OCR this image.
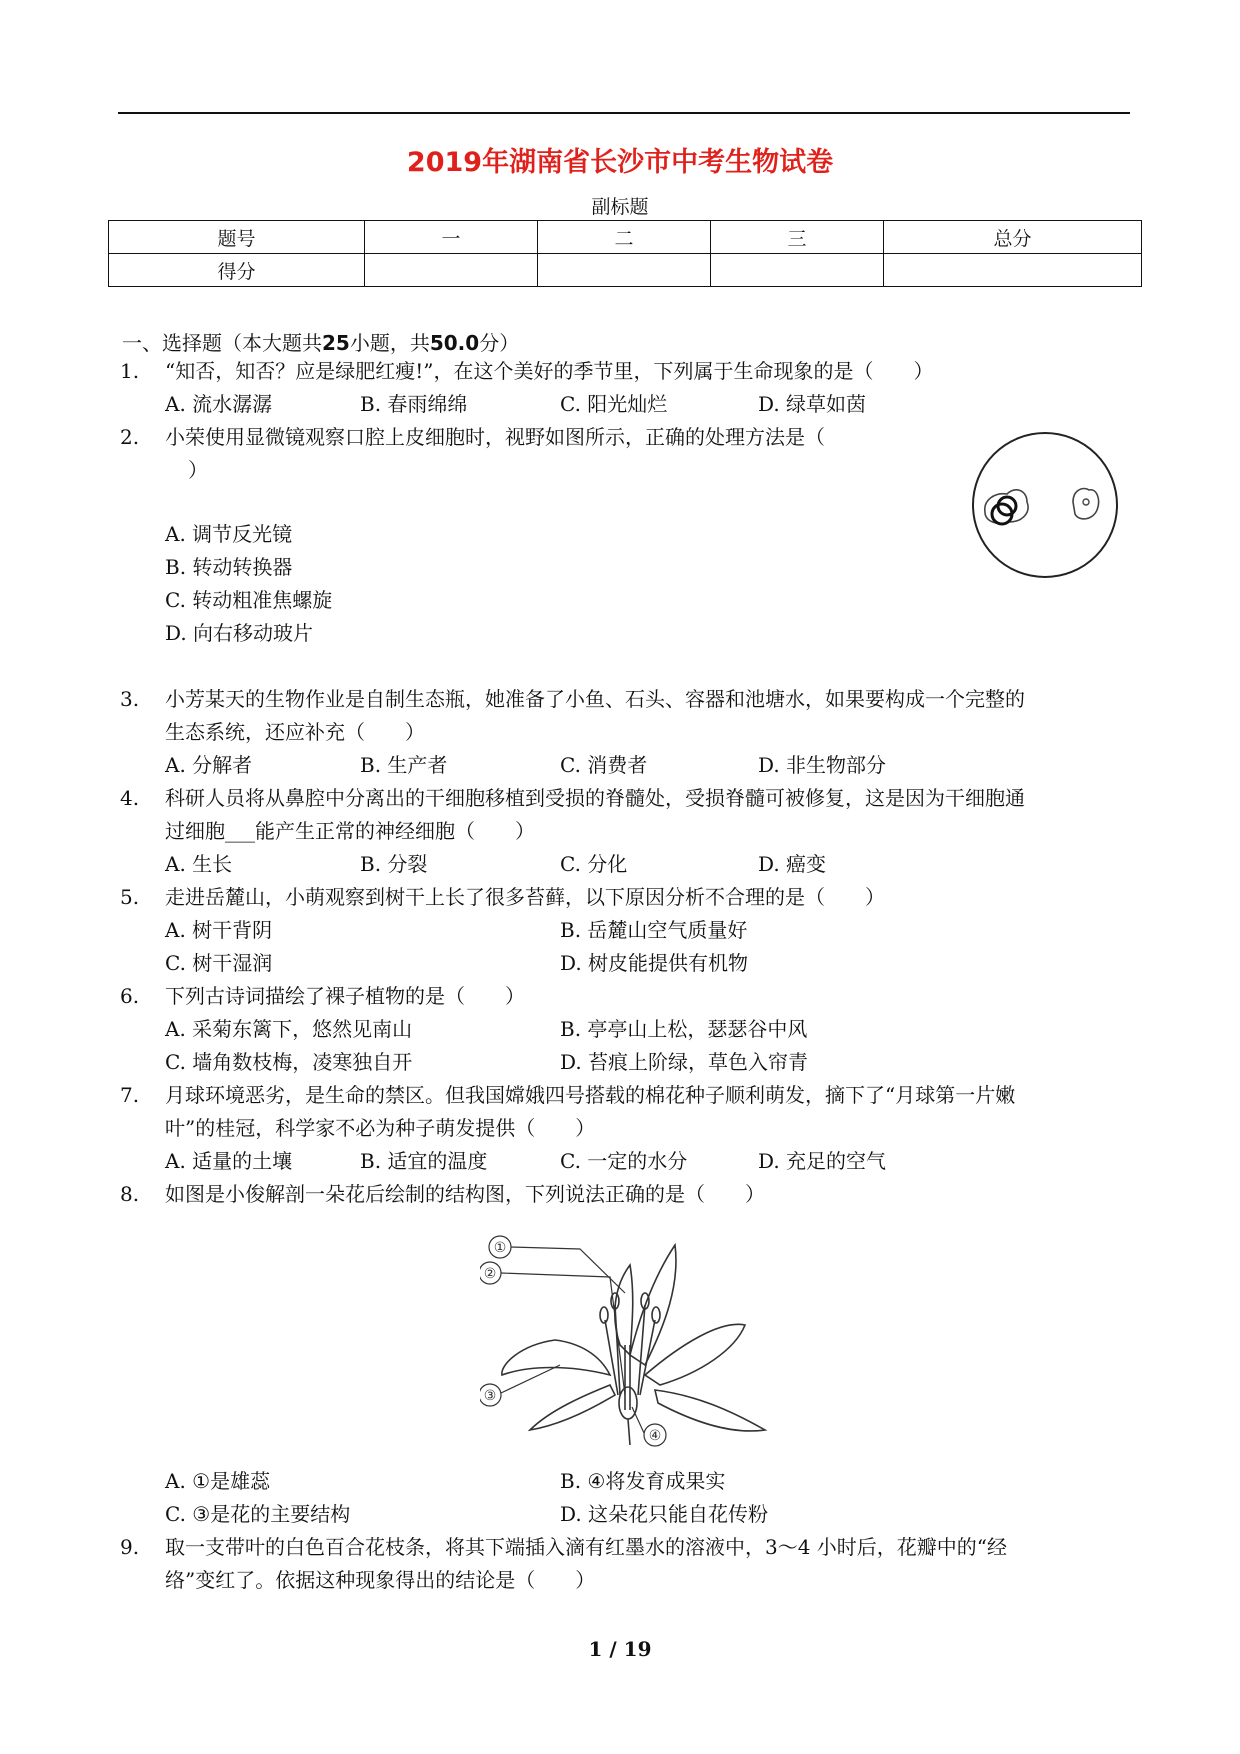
2019年湖南省长沙市中考生物试卷
副标题
题号	一	二	三	总分
得分				
一、选择题（本大题共25小题，共50.0分）
1. “知否，知否？应是绿肥红瘦!”，在这个美好的季节里，下列属于生命现象的是（　　）
A. 流水潺潺	B. 春雨绵绵	C. 阳光灿烂	D. 绿草如茵
2. 小荣使用显微镜观察口腔上皮细胞时，视野如图所示，正确的处理方法是（
）
A. 调节反光镜
B. 转动转换器
C. 转动粗准焦螺旋
D. 向右移动玻片
3. 小芳某天的生物作业是自制生态瓶，她准备了小鱼、石头、容器和池塘水，如果要构成一个完整的
生态系统，还应补充（　　）
A. 分解者	B. 生产者	C. 消费者	D. 非生物部分
4. 科研人员将从鼻腔中分离出的干细胞移植到受损的脊髓处，受损脊髓可被修复，这是因为干细胞通
过细胞___能产生正常的神经细胞（　　）
A. 生长	B. 分裂	C. 分化	D. 癌变
5. 走进岳麓山，小萌观察到树干上长了很多苔藓，以下原因分析不合理的是（　　）
A. 树干背阴	B. 岳麓山空气质量好
C. 树干湿润	D. 树皮能提供有机物
6. 下列古诗词描绘了裸子植物的是（　　）
A. 采菊东篱下，悠然见南山	B. 亭亭山上松，瑟瑟谷中风
C. 墙角数枝梅，凌寒独自开	D. 苔痕上阶绿，草色入帘青
7. 月球环境恶劣，是生命的禁区。但我国嫦娥四号搭载的棉花种子顺利萌发，摘下了“月球第一片嫩
叶”的桂冠，科学家不必为种子萌发提供（　　）
A. 适量的土壤	B. 适宜的温度	C. 一定的水分	D. 充足的空气
8. 如图是小俊解剖一朵花后绘制的结构图，下列说法正确的是（　　）
①
②
③
④
A. ①是雄蕊	B. ④将发育成果实
C. ③是花的主要结构	D. 这朵花只能自花传粉
9. 取一支带叶的白色百合花枝条，将其下端插入滴有红墨水的溶液中，3～4 小时后，花瓣中的“经
络”变红了。依据这种现象得出的结论是（　　）
1 / 19
